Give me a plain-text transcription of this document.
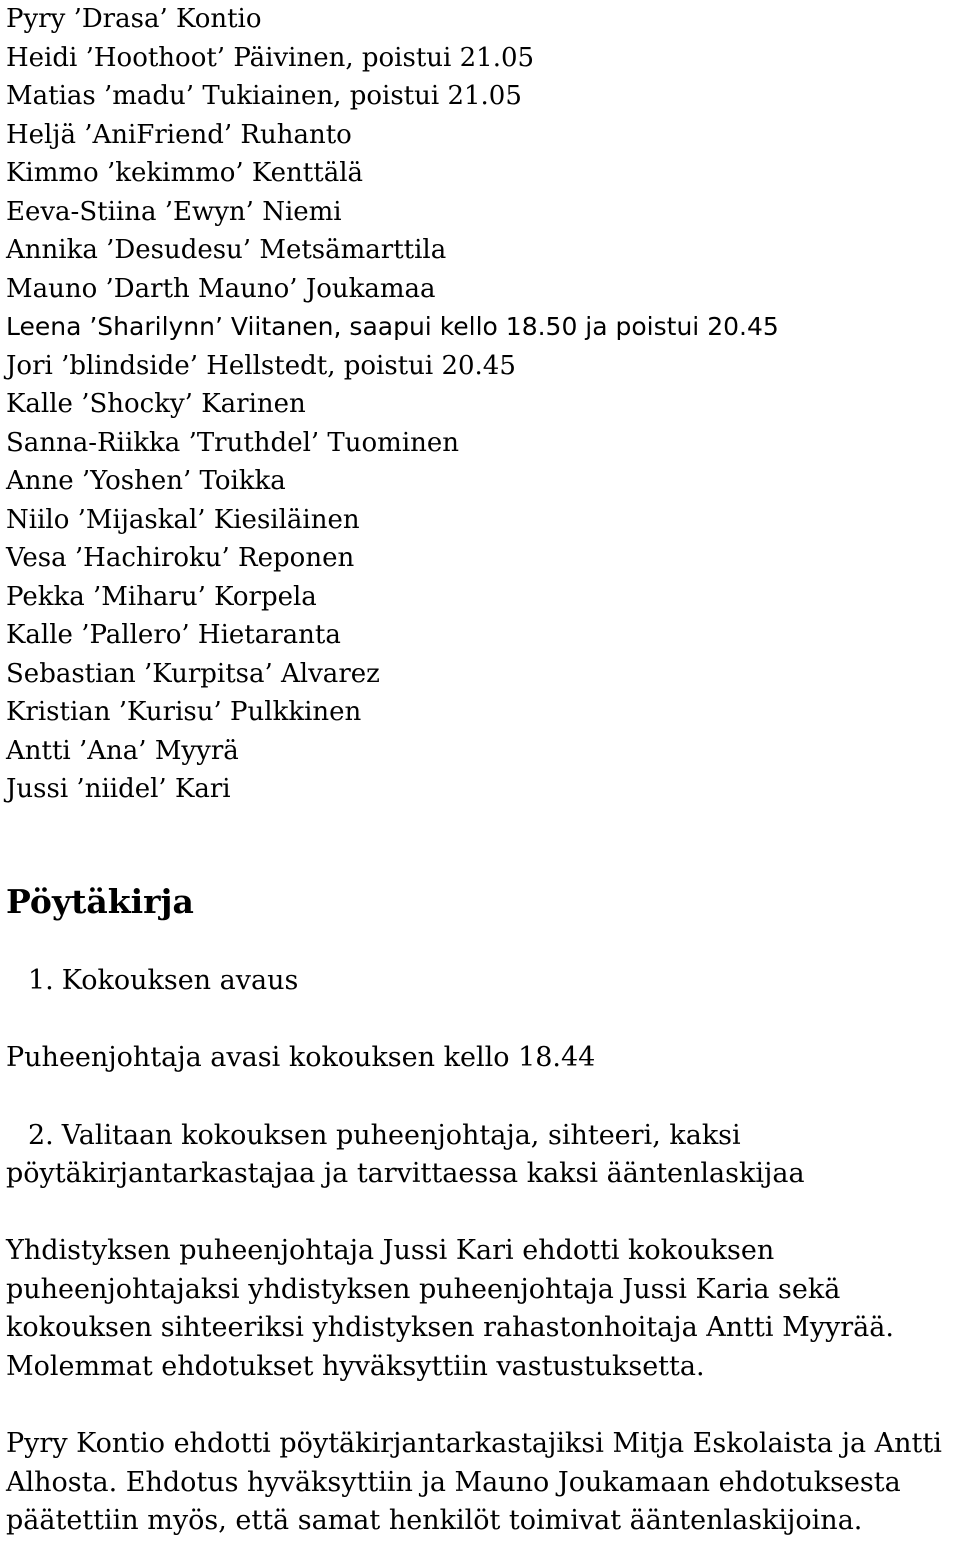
Pyry ’Drasa’ Kontio
Heidi ’Hoothoot’ Päivinen, poistui 21.05
Matias ’madu’ Tukiainen, poistui 21.05
Heljä ’AniFriend’ Ruhanto
Kimmo ’kekimmo’ Kenttälä
Eeva-Stiina ’Ewyn’ Niemi
Annika ’Desudesu’ Metsämarttila
Mauno ’Darth Mauno’ Joukamaa
Leena ’Sharilynn’ Viitanen, saapui kello 18.50 ja poistui 20.45
Jori ’blindside’ Hellstedt, poistui 20.45
Kalle ’Shocky’ Karinen
Sanna-Riikka ’Truthdel’ Tuominen
Anne ’Yoshen’ Toikka
Niilo ’Mijaskal’ Kiesiläinen
Vesa ’Hachiroku’ Reponen
Pekka ’Miharu’ Korpela
Kalle ’Pallero’ Hietaranta
Sebastian ’Kurpitsa’ Alvarez
Kristian ’Kurisu’ Pulkkinen
Antti ’Ana’ Myyrä
Jussi ’niidel’ Kari
Pöytäkirja
1. Kokouksen avaus

Puheenjohtaja avasi kokouksen kello 18.44

2. Valitaan kokouksen puheenjohtaja, sihteeri, kaksi

pöytäkirjantarkastajaa ja tarvittaessa kaksi ääntenlaskijaa

Yhdistyksen puheenjohtaja Jussi Kari ehdotti kokouksen
puheenjohtajaksi yhdistyksen puheenjohtaja Jussi Karia sekä
kokouksen sihteeriksi yhdistyksen rahastonhoitaja Antti Myyrää.
Molemmat ehdotukset hyväksyttiin vastustuksetta.

Pyry Kontio ehdotti pöytäkirjantarkastajiksi Mitja Eskolaista ja Antti
Alhosta. Ehdotus hyväksyttiin ja Mauno Joukamaan ehdotuksesta
päätettiin myös, että samat henkilöt toimivat ääntenlaskijoina.
